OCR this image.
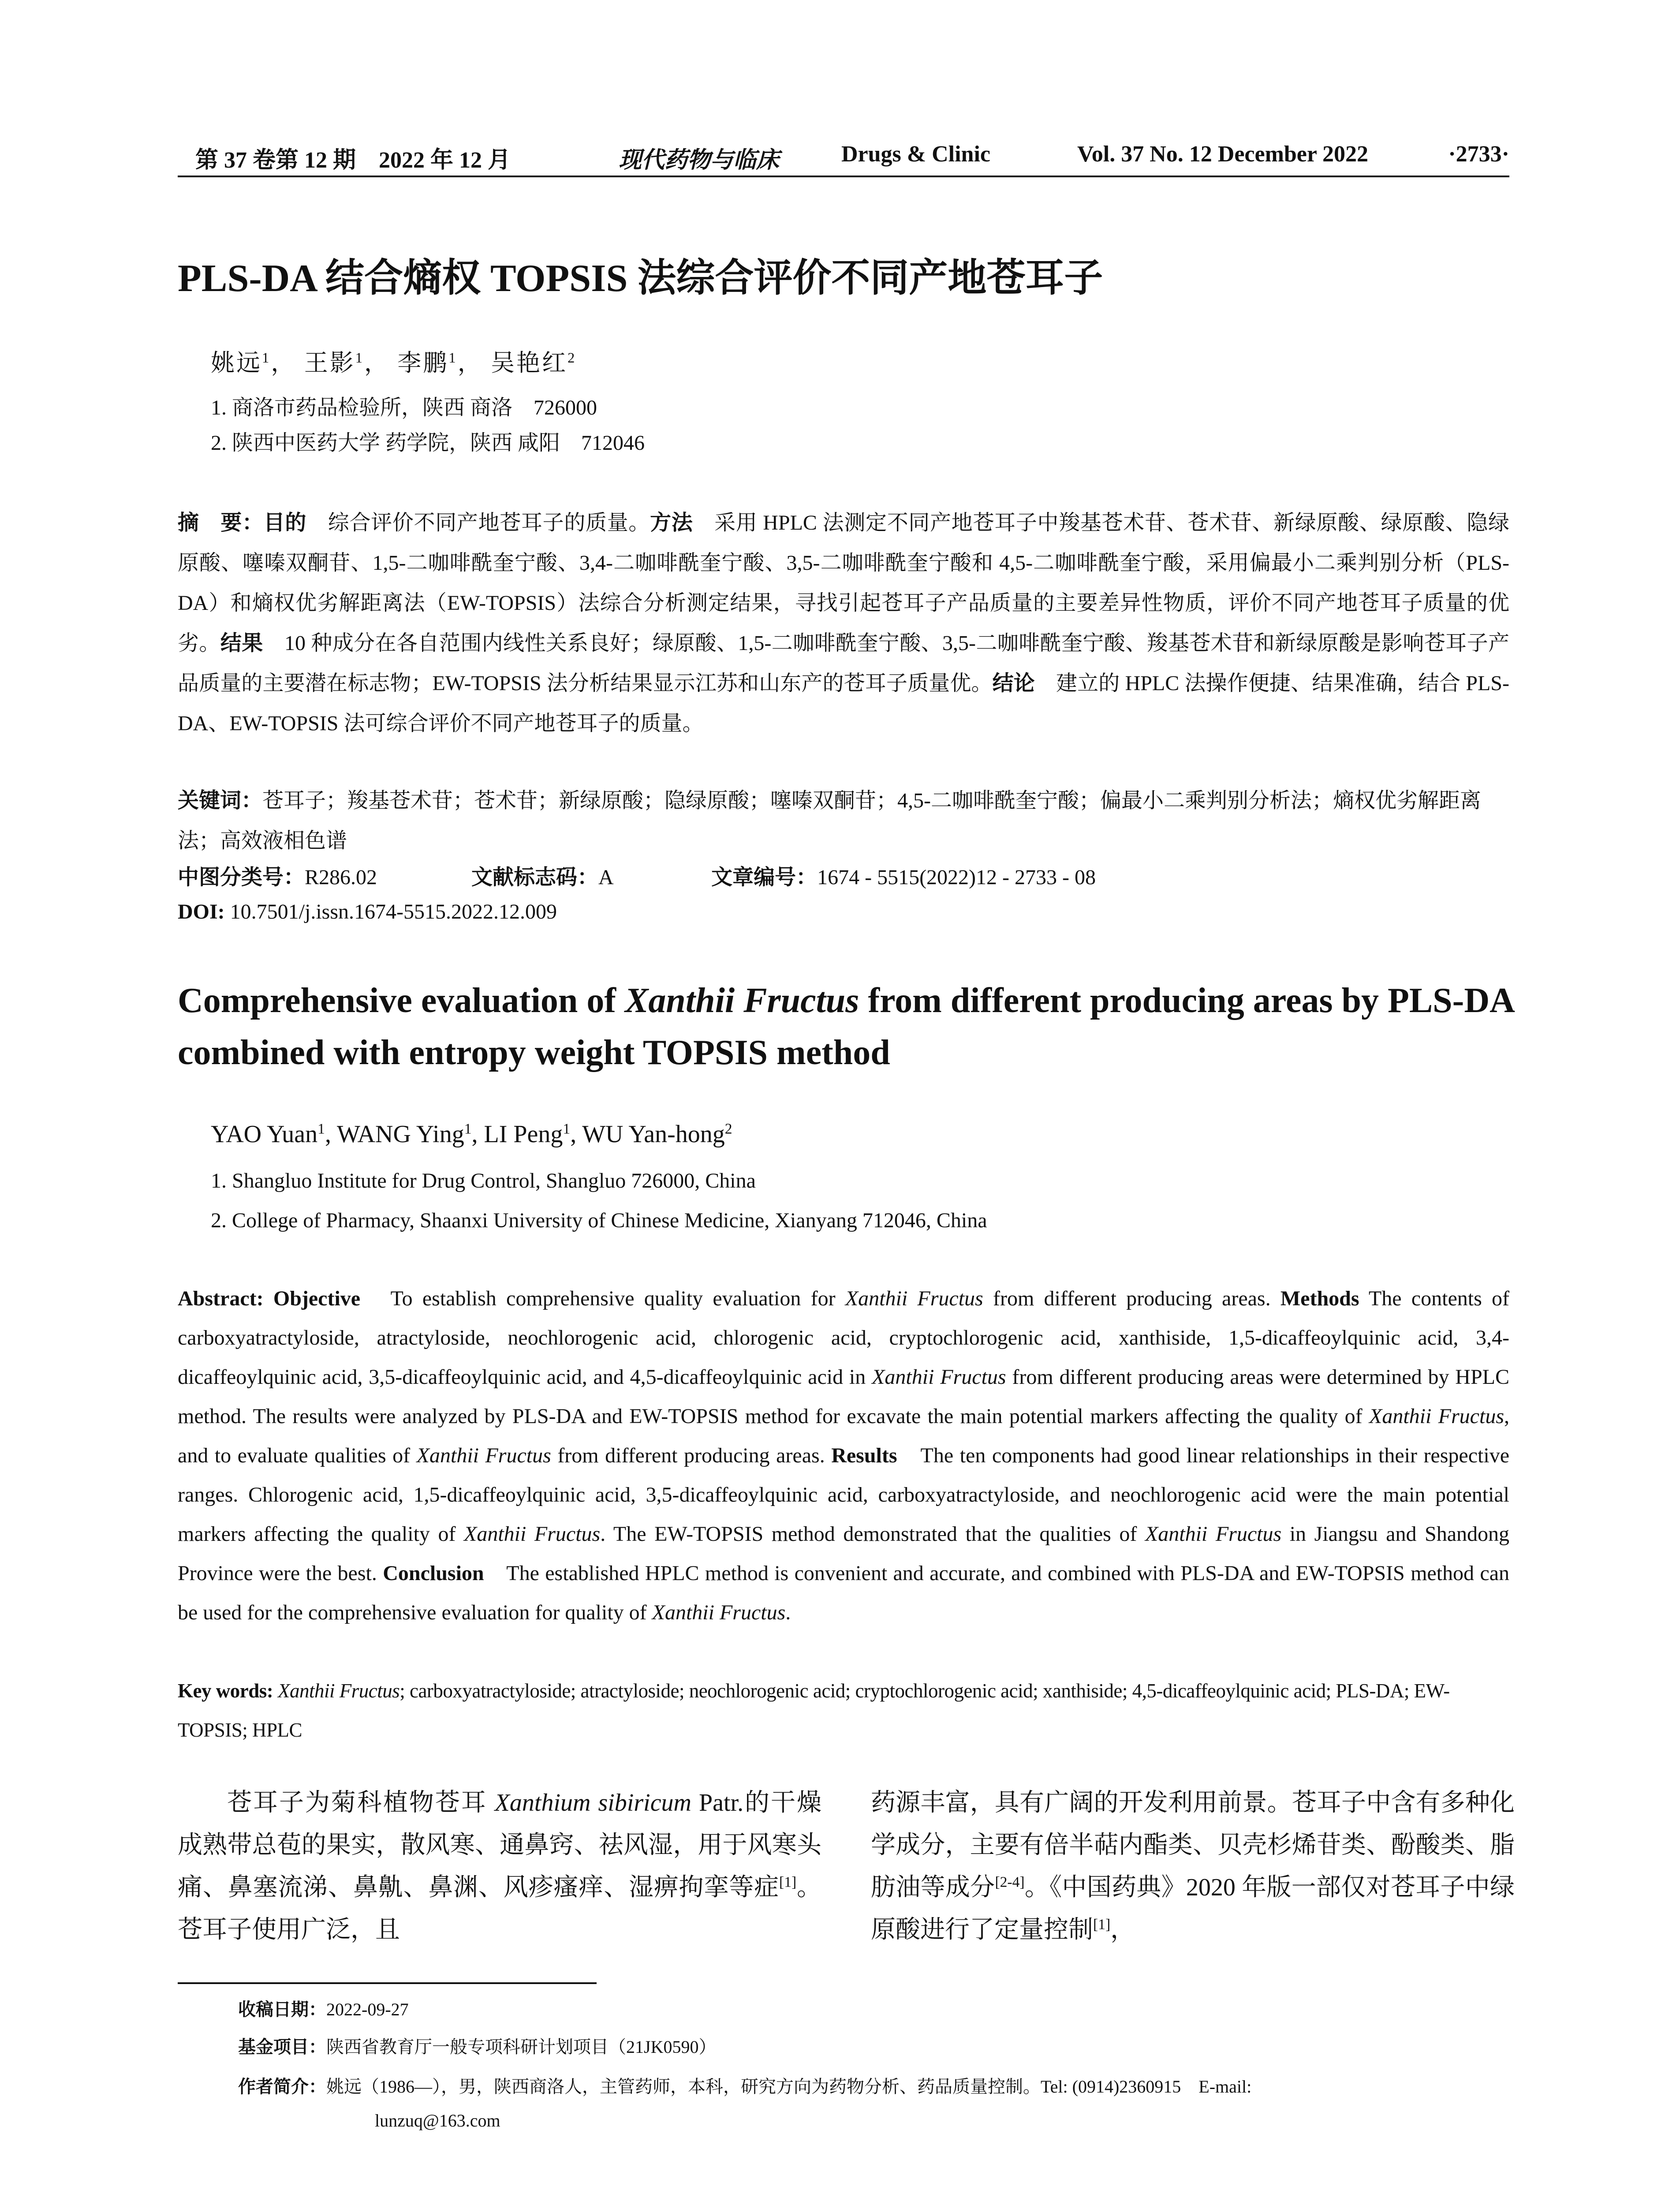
第 37 卷第 12 期　2022 年 12 月	现代药物与临床	Drugs & Clinic	Vol. 37 No. 12 December 2022	·2733·
PLS-DA 结合熵权 TOPSIS 法综合评价不同产地苍耳子
姚远$^1$， 王影$^1$， 李鹏$^1$， 吴艳红$^2$
1. 商洛市药品检验所，陕西 商洛　726000
2. 陕西中医药大学 药学院，陕西 咸阳　712046
摘　要：目的　综合评价不同产地苍耳子的质量。方法　采用 HPLC 法测定不同产地苍耳子中羧基苍术苷、苍术苷、新绿原酸、绿原酸、隐绿原酸、噻嗪双酮苷、1,5-二咖啡酰奎宁酸、3,4-二咖啡酰奎宁酸、3,5-二咖啡酰奎宁酸和 4,5-二咖啡酰奎宁酸，采用偏最小二乘判别分析（PLS-DA）和熵权优劣解距离法（EW-TOPSIS）法综合分析测定结果，寻找引起苍耳子产品质量的主要差异性物质，评价不同产地苍耳子质量的优劣。结果　10 种成分在各自范围内线性关系良好；绿原酸、1,5-二咖啡酰奎宁酸、3,5-二咖啡酰奎宁酸、羧基苍术苷和新绿原酸是影响苍耳子产品质量的主要潜在标志物；EW-TOPSIS 法分析结果显示江苏和山东产的苍耳子质量优。结论　建立的 HPLC 法操作便捷、结果准确，结合 PLS-DA、EW-TOPSIS 法可综合评价不同产地苍耳子的质量。
关键词：苍耳子；羧基苍术苷；苍术苷；新绿原酸；隐绿原酸；噻嗪双酮苷；4,5-二咖啡酰奎宁酸；偏最小二乘判别分析法；熵权优劣解距离法；高效液相色谱
中图分类号：R286.02	文献标志码：A	文章编号：1674 - 5515(2022)12 - 2733 - 08
DOI: 10.7501/j.issn.1674-5515.2022.12.009
Comprehensive evaluation of Xanthii Fructus from different producing areas by PLS-DA combined with entropy weight TOPSIS method
YAO Yuan$^1$, WANG Ying$^1$, LI Peng$^1$, WU Yan-hong$^2$
1. Shangluo Institute for Drug Control, Shangluo 726000, China
2. College of Pharmacy, Shaanxi University of Chinese Medicine, Xianyang 712046, China
Abstract: Objective　To establish comprehensive quality evaluation for Xanthii Fructus from different producing areas. Methods The contents of carboxyatractyloside, atractyloside, neochlorogenic acid, chlorogenic acid, cryptochlorogenic acid, xanthiside, 1,5-dicaffeoylquinic acid, 3,4-dicaffeoylquinic acid, 3,5-dicaffeoylquinic acid, and 4,5-dicaffeoylquinic acid in Xanthii Fructus from different producing areas were determined by HPLC method. The results were analyzed by PLS-DA and EW-TOPSIS method for excavate the main potential markers affecting the quality of Xanthii Fructus, and to evaluate qualities of Xanthii Fructus from different producing areas. Results　The ten components had good linear relationships in their respective ranges. Chlorogenic acid, 1,5-dicaffeoylquinic acid, 3,5-dicaffeoylquinic acid, carboxyatractyloside, and neochlorogenic acid were the main potential markers affecting the quality of Xanthii Fructus. The EW-TOPSIS method demonstrated that the qualities of Xanthii Fructus in Jiangsu and Shandong Province were the best. Conclusion　The established HPLC method is convenient and accurate, and combined with PLS-DA and EW-TOPSIS method can be used for the comprehensive evaluation for quality of Xanthii Fructus.
Key words: Xanthii Fructus; carboxyatractyloside; atractyloside; neochlorogenic acid; cryptochlorogenic acid; xanthiside; 4,5-dicaffeoylquinic acid; PLS-DA; EW- TOPSIS; HPLC
苍耳子为菊科植物苍耳 Xanthium sibiricum Patr.的干燥成熟带总苞的果实，散风寒、通鼻窍、祛风湿，用于风寒头痛、鼻塞流涕、鼻鼽、鼻渊、风疹瘙痒、湿痹拘挛等症[1]。苍耳子使用广泛，且
药源丰富，具有广阔的开发利用前景。苍耳子中含有多种化学成分，主要有倍半萜内酯类、贝壳杉烯苷类、酚酸类、脂肪油等成分[2-4]。《中国药典》2020 年版一部仅对苍耳子中绿原酸进行了定量控制[1]，
收稿日期：2022-09-27
基金项目：陕西省教育厅一般专项科研计划项目（21JK0590）
作者简介：姚远（1986—），男，陕西商洛人，主管药师，本科，研究方向为药物分析、药品质量控制。Tel: (0914)2360915　E-mail:
lunzuq@163.com
